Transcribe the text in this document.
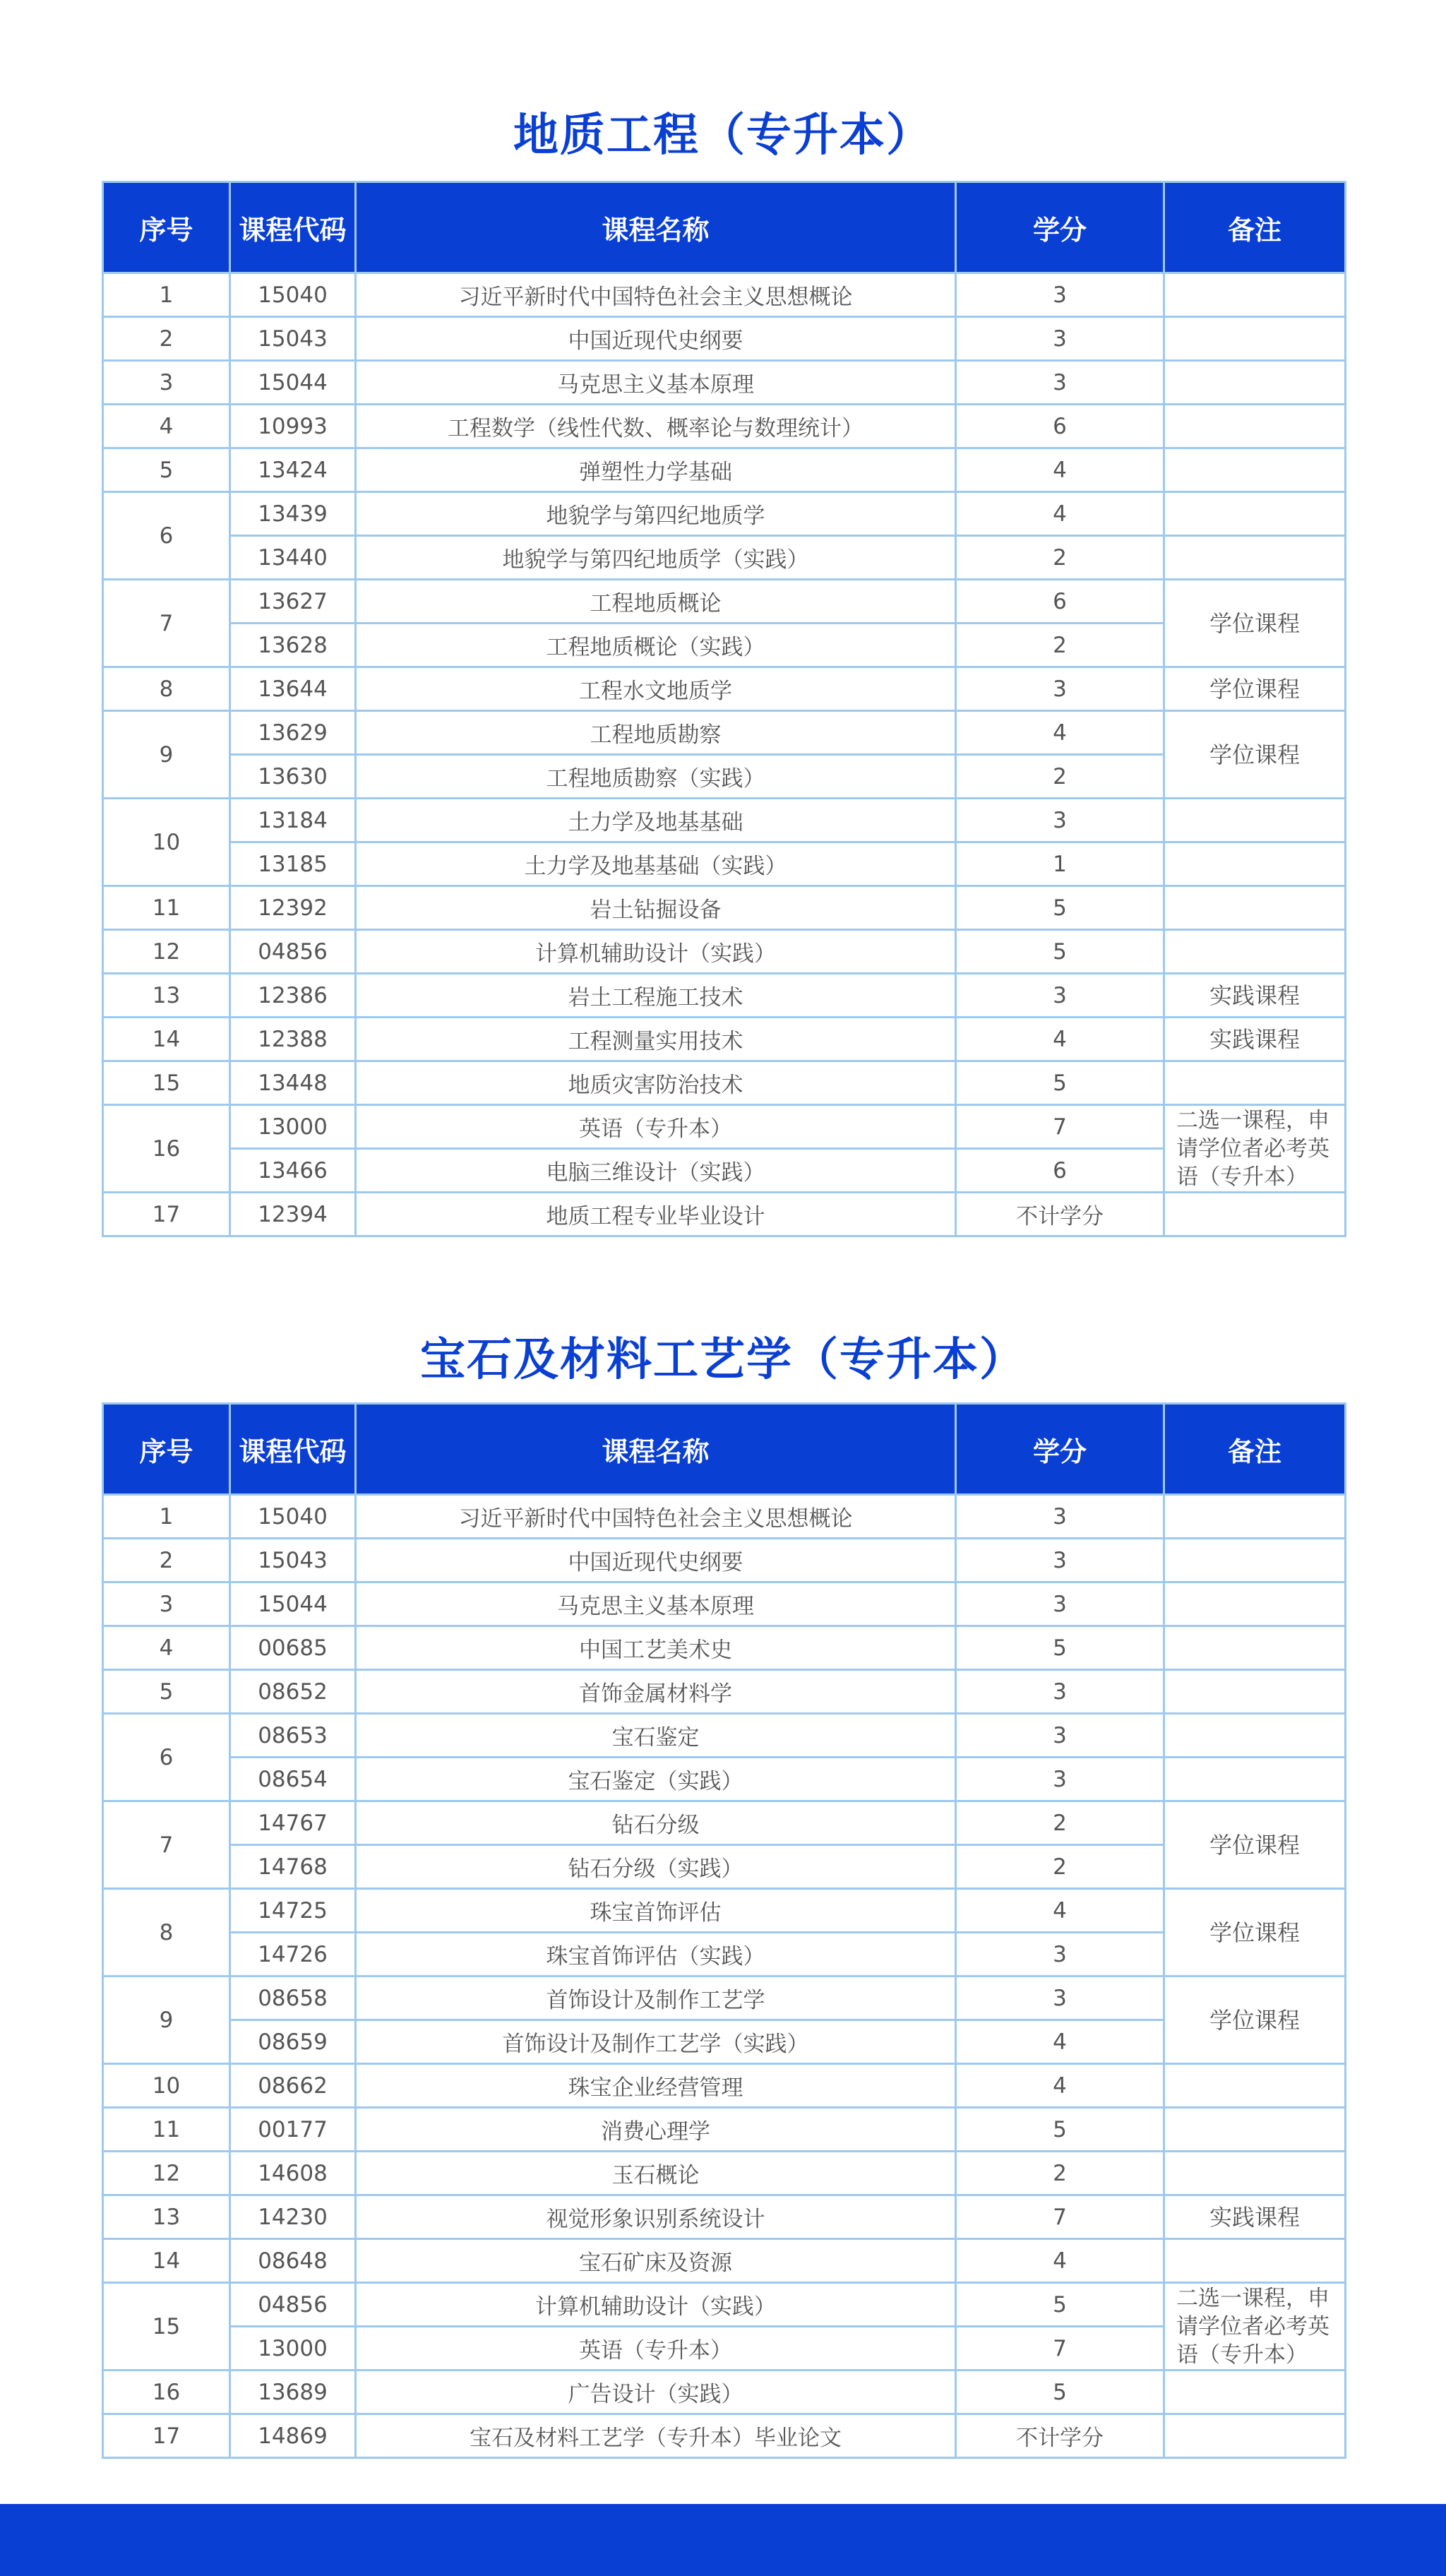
地质工程（专升本）
序号	课程代码	课程名称	学分	备注
1	15040	习近平新时代中国特色社会主义思想概论	3	
2	15043	中国近现代史纲要	3	
3	15044	马克思主义基本原理	3	
4	10993	工程数学（线性代数、概率论与数理统计）	6	
5	13424	弹塑性力学基础	4	
6	13439	地貌学与第四纪地质学	4	
	13440	地貌学与第四纪地质学（实践）	2	
7	13627	工程地质概论	6	学位课程
	13628	工程地质概论（实践）	2	
8	13644	工程水文地质学	3	学位课程
9	13629	工程地质勘察	4	学位课程
	13630	工程地质勘察（实践）	2	
10	13184	土力学及地基基础	3	
	13185	土力学及地基基础（实践）	1	
11	12392	岩土钻掘设备	5	
12	04856	计算机辅助设计（实践）	5	
13	12386	岩土工程施工技术	3	实践课程
14	12388	工程测量实用技术	4	实践课程
15	13448	地质灾害防治技术	5	
16	13000	英语（专升本）	7	二选一课程，申请学位者必考英语（专升本）
	13466	电脑三维设计（实践）	6	
17	12394	地质工程专业毕业设计	不计学分	
宝石及材料工艺学（专升本）
序号	课程代码	课程名称	学分	备注
1	15040	习近平新时代中国特色社会主义思想概论	3	
2	15043	中国近现代史纲要	3	
3	15044	马克思主义基本原理	3	
4	00685	中国工艺美术史	5	
5	08652	首饰金属材料学	3	
6	08653	宝石鉴定	3	
	08654	宝石鉴定（实践）	3	
7	14767	钻石分级	2	学位课程
	14768	钻石分级（实践）	2	
8	14725	珠宝首饰评估	4	学位课程
	14726	珠宝首饰评估（实践）	3	
9	08658	首饰设计及制作工艺学	3	学位课程
	08659	首饰设计及制作工艺学（实践）	4	
10	08662	珠宝企业经营管理	4	
11	00177	消费心理学	5	
12	14608	玉石概论	2	
13	14230	视觉形象识别系统设计	7	实践课程
14	08648	宝石矿床及资源	4	
15	04856	计算机辅助设计（实践）	5	二选一课程，申请学位者必考英语（专升本）
	13000	英语（专升本）	7	
16	13689	广告设计（实践）	5	
17	14869	宝石及材料工艺学（专升本）毕业论文	不计学分	
